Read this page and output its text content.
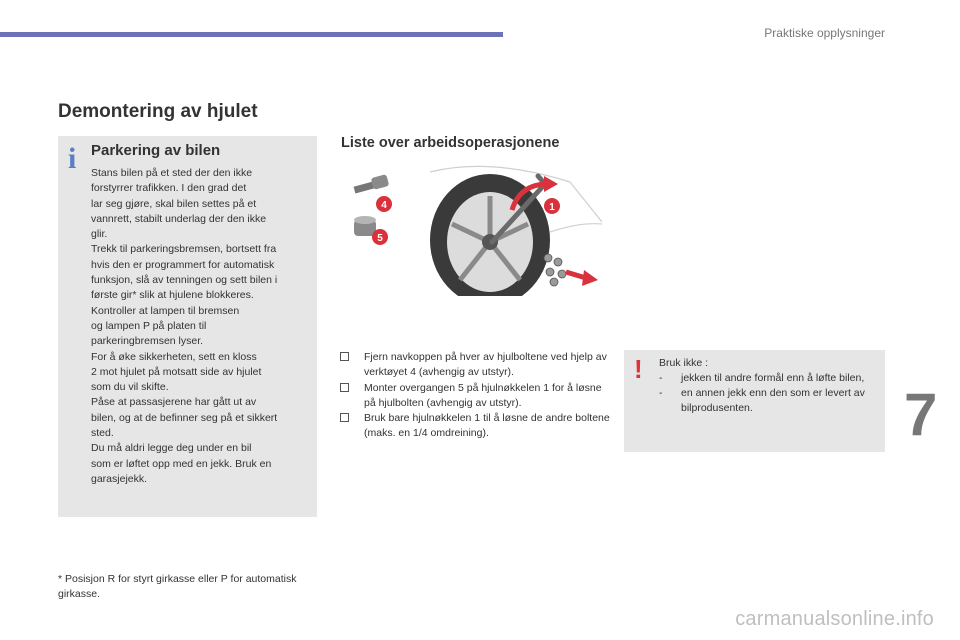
Praktiske opplysninger
Demontering av hjulet
i Parkering av bilen
Stans bilen på et sted der den ikke
forstyrrer trafikken. I den grad det
lar seg gjøre, skal bilen settes på et
vannrett, stabilt underlag der den ikke
glir.
Trekk til parkeringsbremsen, bortsett fra
hvis den er programmert for automatisk
funksjon, slå av tenningen og sett bilen i
første gir* slik at hjulene blokkeres.
Kontroller at lampen til bremsen
og lampen P på platen til
parkeringbremsen lyser.
For å øke sikkerheten, sett en kloss
2 mot hjulet på motsatt side av hjulet
som du vil skifte.
Påse at passasjerene har gått ut av
bilen, og at de befinner seg på et sikkert
sted.
Du må aldri legge deg under en bil
som er løftet opp med en jekk. Bruk en
garasjejekk.
Liste over arbeidsoperasjonene
4
5
1

Fjern navkoppen på hver av hjulboltene ved hjelp av verktøyet 4 (avhengig av utstyr).

Monter overgangen 5 på hjulnøkkelen 1 for å løsne på hjulbolten (avhengig av utstyr).

Bruk bare hjulnøkkelen 1 til å løsne de andre boltene (maks. en 1/4 omdreining).

! Bruk ikke :

- jekken til andre formål enn å løfte bilen,

- en annen jekk enn den som er levert av bilprodusenten.	7
* Posisjon R for styrt girkasse eller P for automatisk girkasse.
carmanualsonline.info
